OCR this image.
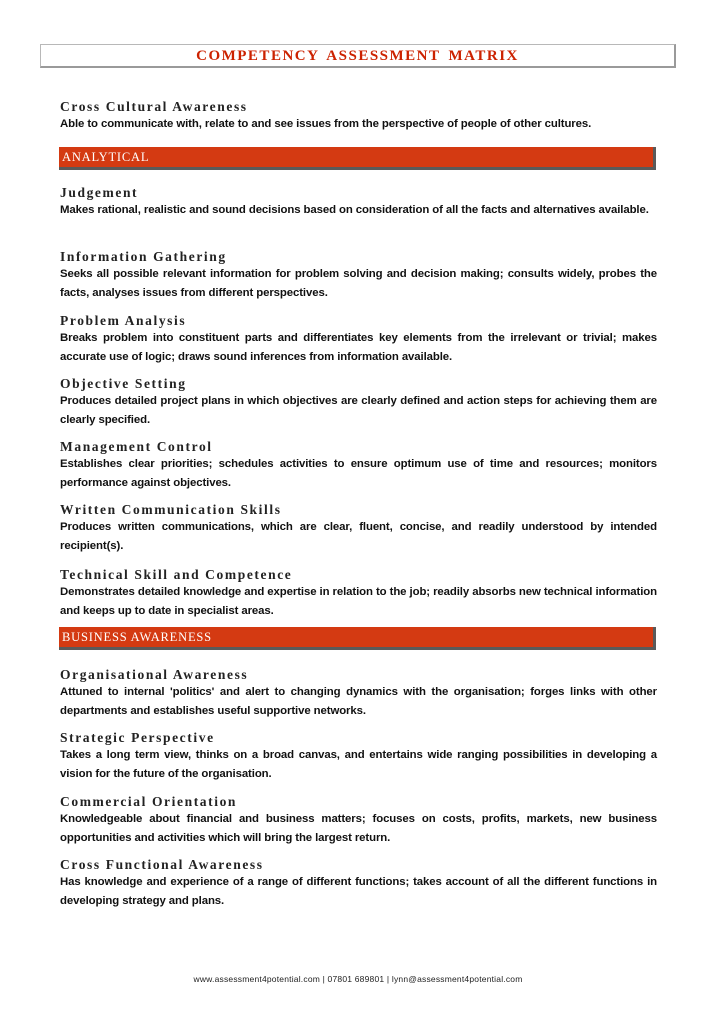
COMPETENCY ASSESSMENT MATRIX

Cross Cultural Awareness

Able to communicate with, relate to and see issues from the perspective of people of other cultures.

ANALYTICAL

Judgement

Makes rational, realistic and sound decisions based on consideration of all the facts and alternatives available.

Information Gathering

Seeks all possible relevant information for problem solving and decision making; consults widely, probes the facts, analyses issues from different perspectives.

Problem Analysis

Breaks problem into constituent parts and differentiates key elements from the irrelevant or trivial; makes accurate use of logic; draws sound inferences from information available.

Objective Setting

Produces detailed project plans in which objectives are clearly defined and action steps for achieving them are clearly specified.

Management Control

Establishes clear priorities; schedules activities to ensure optimum use of time and resources; monitors performance against objectives.

Written Communication Skills

Produces written communications, which are clear, fluent, concise, and readily understood by intended recipient(s).

Technical Skill and Competence

Demonstrates detailed knowledge and expertise in relation to the job; readily absorbs new technical information and keeps up to date in specialist areas.

BUSINESS AWARENESS

Organisational Awareness

Attuned to internal 'politics' and alert to changing dynamics with the organisation; forges links with other departments and establishes useful supportive networks.

Strategic Perspective

Takes a long term view, thinks on a broad canvas, and entertains wide ranging possibilities in developing a vision for the future of the organisation.

Commercial Orientation

Knowledgeable about financial and business matters; focuses on costs, profits, markets, new business opportunities and activities which will bring the largest return.

Cross Functional Awareness

Has knowledge and experience of a range of different functions; takes account of all the different functions in developing strategy and plans.

www.assessment4potential.com | 07801 689801 | lynn@assessment4potential.com
